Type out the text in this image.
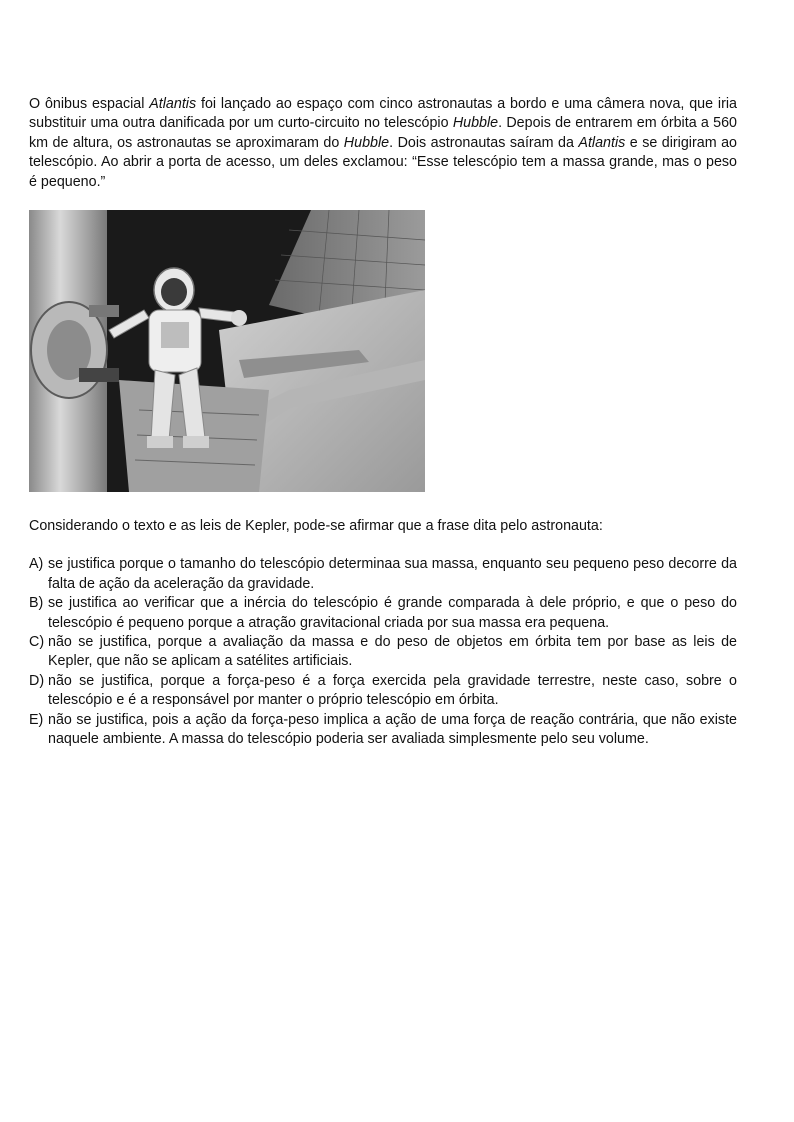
O ônibus espacial Atlantis foi lançado ao espaço com cinco astronautas a bordo e uma câmera nova, que iria substituir uma outra danificada por um curto-circuito no telescópio Hubble. Depois de entrarem em órbita a 560 km de altura, os astronautas se aproximaram do Hubble. Dois astronautas saíram da Atlantis e se dirigiram ao telescópio. Ao abrir a porta de acesso, um deles exclamou: “Esse telescópio tem a massa grande, mas o peso é pequeno.”

Considerando o texto e as leis de Kepler, pode-se afirmar que a frase dita pelo astronauta:

A) se justifica porque o tamanho do telescópio determinaa sua massa, enquanto seu pequeno peso decorre da falta de ação da aceleração da gravidade.
B) se justifica ao verificar que a inércia do telescópio é grande comparada à dele próprio, e que o peso do telescópio é pequeno porque a atração gravitacional criada por sua massa era pequena.
C) não se justifica, porque a avaliação da massa e do peso de objetos em órbita tem por base as leis de Kepler, que não se aplicam a satélites artificiais.
D) não se justifica, porque a força-peso é a força exercida pela gravidade terrestre, neste caso, sobre o telescópio e é a responsável por manter o próprio telescópio em órbita.
E) não se justifica, pois a ação da força-peso implica a ação de uma força de reação contrária, que não existe naquele ambiente. A massa do telescópio poderia ser avaliada simplesmente pelo seu volume.
